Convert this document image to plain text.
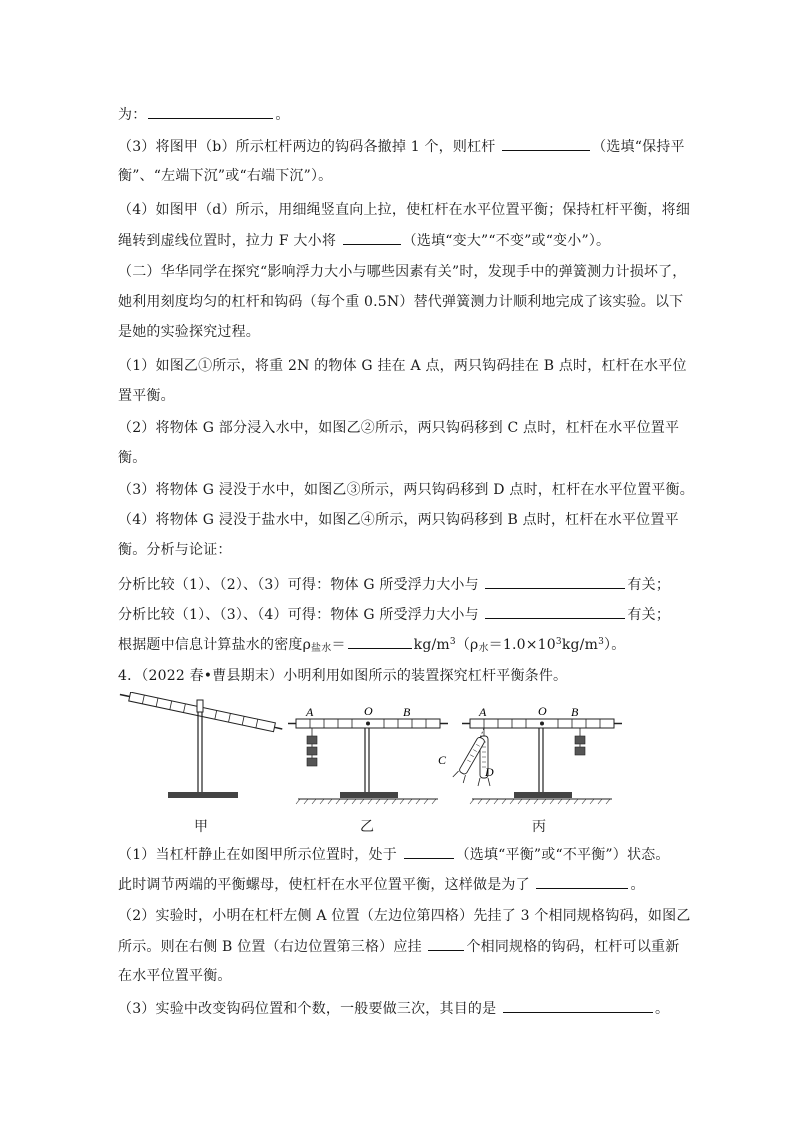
为：	。
（3）将图甲（b）所示杠杆两边的钩码各撤掉 1 个，则杠杆	（选填“保持平
衡”、“左端下沉”或“右端下沉”）。
（4）如图甲（d）所示，用细绳竖直向上拉，使杠杆在水平位置平衡；保持杠杆平衡，将细
绳转到虚线位置时，拉力 F 大小将	（选填“变大”“不变”或“变小”）。
（二）华华同学在探究“影响浮力大小与哪些因素有关”时，发现手中的弹簧测力计损坏了，
她利用刻度均匀的杠杆和钩码（每个重 0.5N）替代弹簧测力计顺利地完成了该实验。以下
是她的实验探究过程。
（1）如图乙①所示，将重 2N 的物体 G 挂在 A 点，两只钩码挂在 B 点时，杠杆在水平位
置平衡。
（2）将物体 G 部分浸入水中，如图乙②所示，两只钩码移到 C 点时，杠杆在水平位置平
衡。
（3）将物体 G 浸没于水中，如图乙③所示，两只钩码移到 D 点时，杠杆在水平位置平衡。
（4）将物体 G 浸没于盐水中，如图乙④所示，两只钩码移到 B 点时，杠杆在水平位置平
衡。分析与论证：
分析比较（1）、（2）、（3）可得：物体 G 所受浮力大小与	有关；
分析比较（1）、（3）、（4）可得：物体 G 所受浮力大小与	有关；
根据题中信息计算盐水的密度$\rho_{盐水}=$	$kg/m^3(\rho_水=1.0\times 10^3kg/m^3)$。
4．（2022 春•曹县期末）小明利用如图所示的装置探究杠杆平衡条件。
A	O	B	A	O B
C
D
甲	乙	丙
（1）当杠杆静止在如图甲所示位置时，处于	（选填“平衡”或“不平衡”）状态。
此时调节两端的平衡螺母，使杠杆在水平位置平衡，这样做是为了	。
（2）实验时，小明在杠杆左侧 A 位置（左边位第四格）先挂了 3 个相同规格钩码，如图乙
所示。则在右侧 B 位置（右边位置第三格）应挂	个相同规格的钩码，杠杆可以重新
在水平位置平衡。
（3）实验中改变钩码位置和个数，一般要做三次，其目的是	。
